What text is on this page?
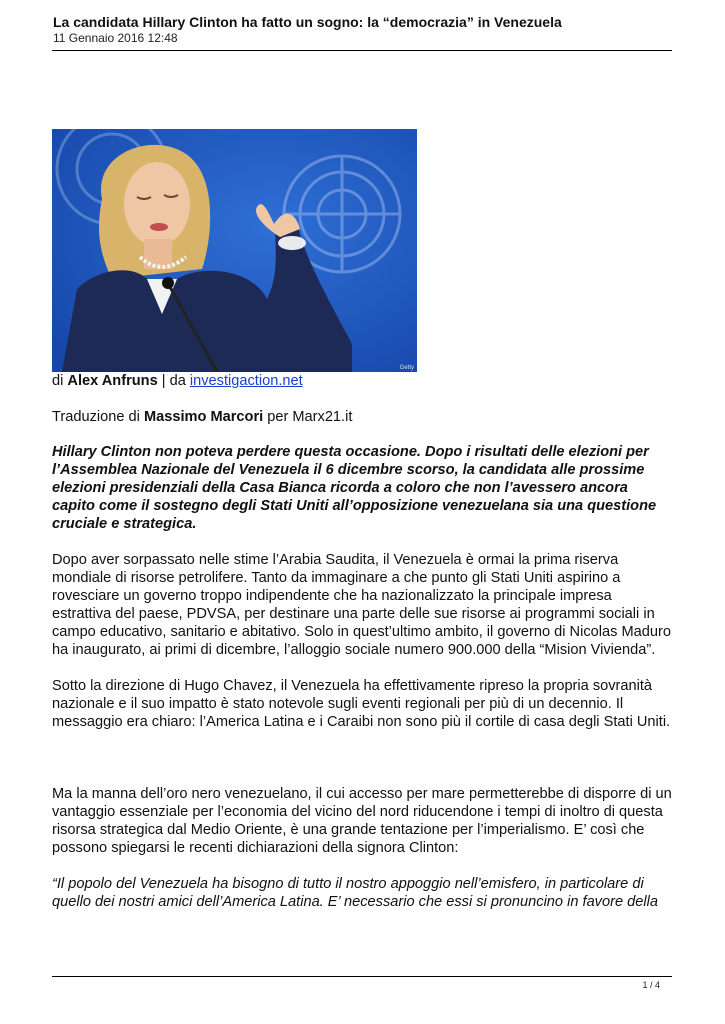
La candidata Hillary Clinton ha fatto un sogno: la “democrazia” in Venezuela

11 Gennaio 2016 12:48
Getty

di Alex Anfruns | da investigaction.net

Traduzione di Massimo Marcori per Marx21.it

Hillary Clinton non poteva perdere questa occasione. Dopo i risultati delle elezioni per l’Assemblea Nazionale del Venezuela il 6 dicembre scorso, la candidata alle prossime elezioni presidenziali della Casa Bianca ricorda a coloro che non l’avessero ancora capito come il sostegno degli Stati Uniti all’opposizione venezuelana sia una questione cruciale e strategica.

Dopo aver sorpassato nelle stime l’Arabia Saudita, il Venezuela è ormai la prima riserva mondiale di risorse petrolifere. Tanto da immaginare a che punto gli Stati Uniti aspirino a rovesciare un governo troppo indipendente che ha nazionalizzato la principale impresa estrattiva del paese, PDVSA, per destinare una parte delle sue risorse ai programmi sociali in campo educativo, sanitario e abitativo. Solo in quest’ultimo ambito, il governo di Nicolas Maduro ha inaugurato, ai primi di dicembre, l’alloggio sociale numero 900.000 della “Mision Vivienda”.

Sotto la direzione di Hugo Chavez, il Venezuela ha effettivamente ripreso la propria sovranità nazionale e il suo impatto è stato notevole sugli eventi regionali per più di un decennio. Il messaggio era chiaro: l’America Latina e i Caraibi non sono più il cortile di casa degli Stati Uniti.

Ma la manna dell’oro nero venezuelano, il cui accesso per mare permetterebbe di disporre di un vantaggio essenziale per l’economia del vicino del nord riducendone i tempi di inoltro di questa risorsa strategica dal Medio Oriente, è una grande tentazione per l’imperialismo. E’ così che possono spiegarsi le recenti dichiarazioni della signora Clinton:

“Il popolo del Venezuela ha bisogno di tutto il nostro appoggio nell’emisfero, in particolare di quello dei nostri amici dell’America Latina. E’ necessario che essi si pronuncino in favore della

1 / 4
